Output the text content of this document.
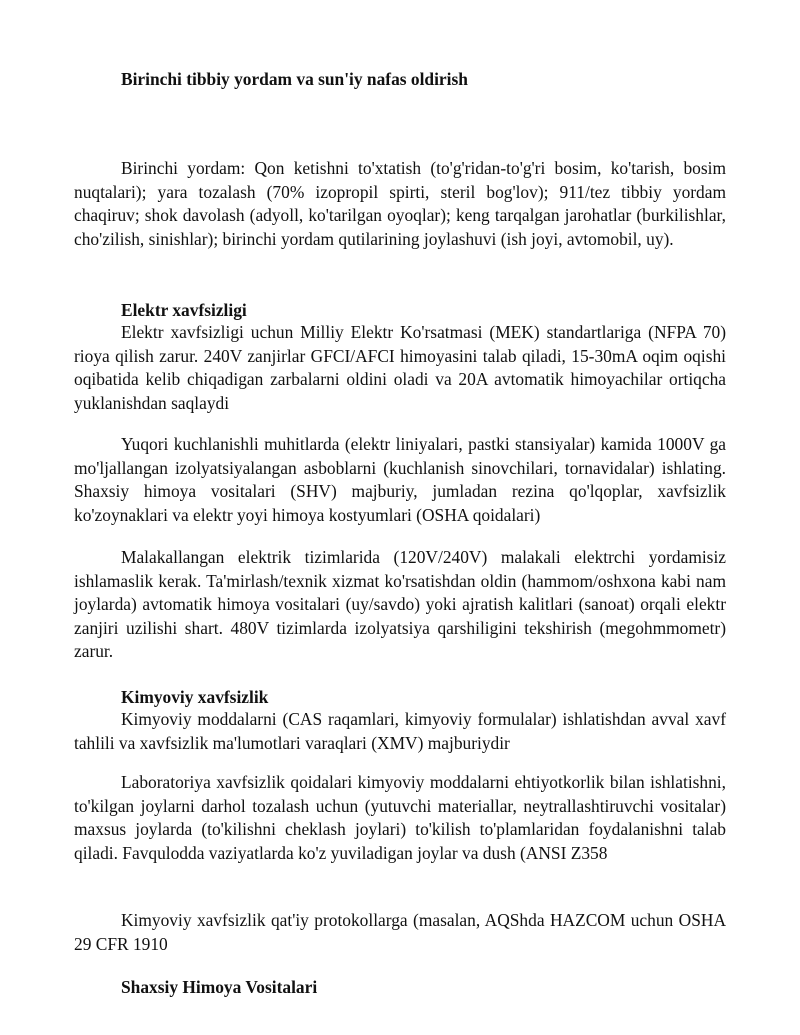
Birinchi tibbiy yordam va sun'iy nafas oldirish

Birinchi yordam: Qon ketishni to'xtatish (to'g'ridan-to'g'ri bosim, ko'tarish, bosim nuqtalari); yara tozalash (70% izopropil spirti, steril bog'lov); 911/tez tibbiy yordam chaqiruv; shok davolash (adyoll, ko'tarilgan oyoqlar); keng tarqalgan jarohatlar (burkilishlar, cho'zilish, sinishlar); birinchi yordam qutilarining joylashuvi (ish joyi, avtomobil, uy).

Elektr xavfsizligi

Elektr xavfsizligi uchun Milliy Elektr Ko'rsatmasi (MEK) standartlariga (NFPA 70) rioya qilish zarur. 240V zanjirlar GFCI/AFCI himoyasini talab qiladi, 15-30mA oqim oqishi oqibatida kelib chiqadigan zarbalarni oldini oladi va 20A avtomatik himoyachilar ortiqcha yuklanishdan saqlaydi

Yuqori kuchlanishli muhitlarda (elektr liniyalari, pastki stansiyalar) kamida 1000V ga mo'ljallangan izolyatsiyalangan asboblarni (kuchlanish sinovchilari, tornavidalar) ishlating. Shaxsiy himoya vositalari (SHV) majburiy, jumladan rezina qo'lqoplar, xavfsizlik ko'zoynaklari va elektr yoyi himoya kostyumlari (OSHA qoidalari)

Malakallangan elektrik tizimlarida (120V/240V) malakali elektrchi yordamisiz ishlamaslik kerak. Ta'mirlash/texnik xizmat ko'rsatishdan oldin (hammom/oshxona kabi nam joylarda) avtomatik himoya vositalari (uy/savdo) yoki ajratish kalitlari (sanoat) orqali elektr zanjiri uzilishi shart. 480V tizimlarda izolyatsiya qarshiligini tekshirish (megohmmometr) zarur.

Kimyoviy xavfsizlik

Kimyoviy moddalarni (CAS raqamlari, kimyoviy formulalar) ishlatishdan avval xavf tahlili va xavfsizlik ma'lumotlari varaqlari (XMV) majburiydir

Laboratoriya xavfsizlik qoidalari kimyoviy moddalarni ehtiyotkorlik bilan ishlatishni, to'kilgan joylarni darhol tozalash uchun (yutuvchi materiallar, neytrallashtiruvchi vositalar) maxsus joylarda (to'kilishni cheklash joylari) to'kilish to'plamlaridan foydalanishni talab qiladi. Favqulodda vaziyatlarda ko'z yuviladigan joylar va dush (ANSI Z358

Kimyoviy xavfsizlik qat'iy protokollarga (masalan, AQShda HAZCOM uchun OSHA 29 CFR 1910

Shaxsiy Himoya Vositalari
